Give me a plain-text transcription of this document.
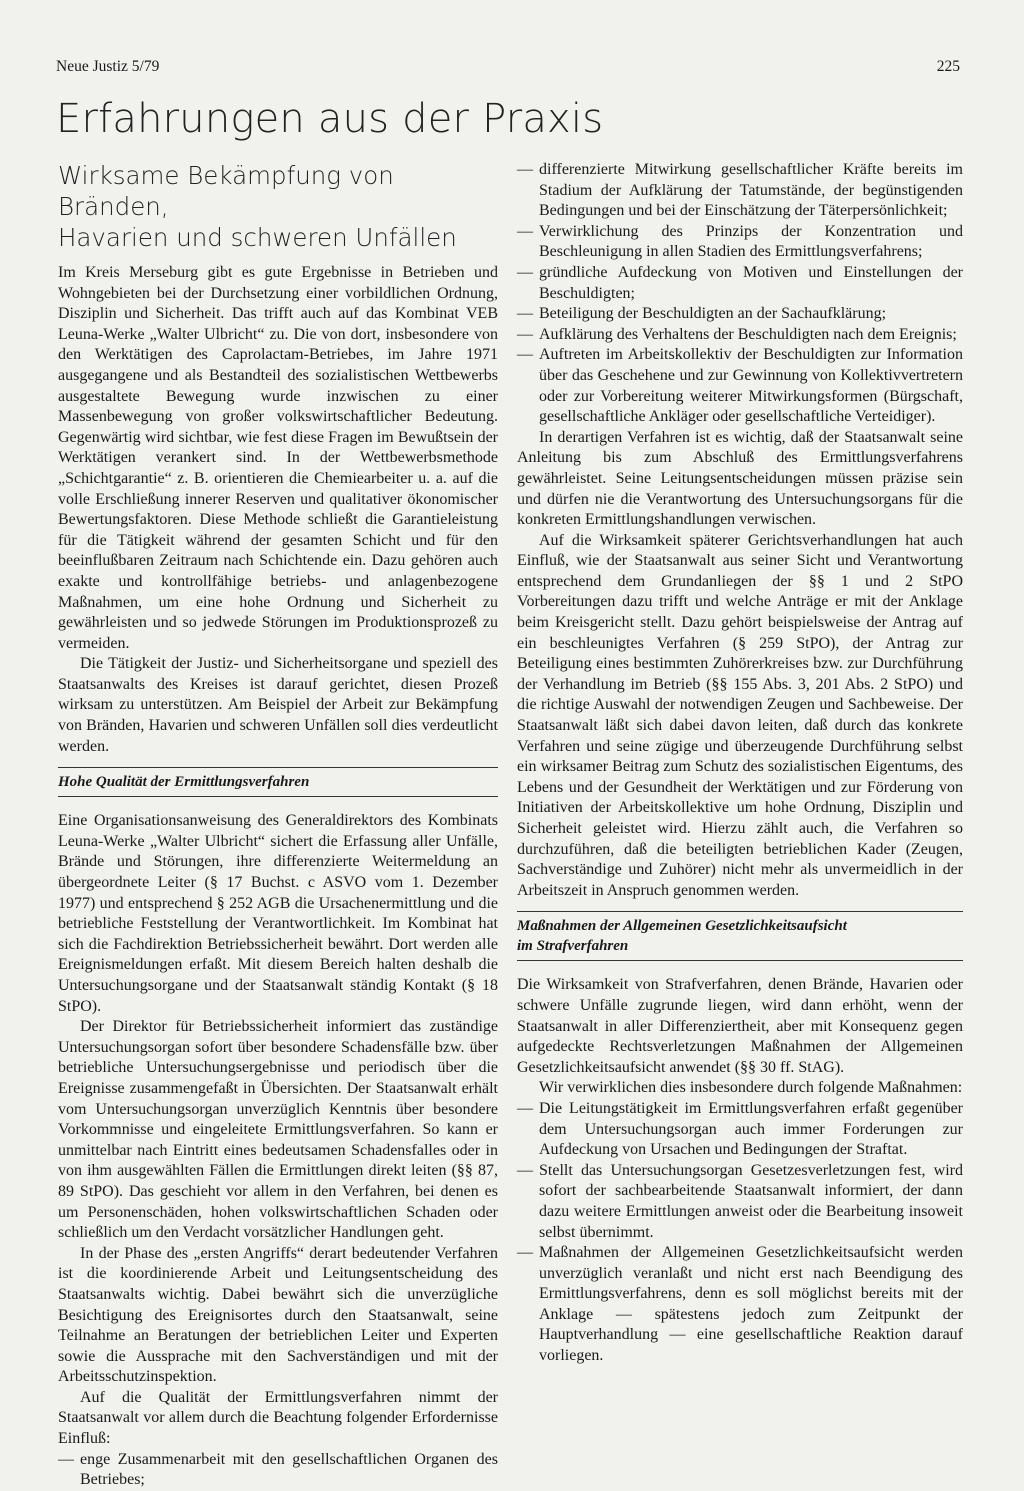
Neue Justiz 5/79	225
Erfahrungen aus der Praxis
Wirksame Bekämpfung von Bränden,
Havarien und schweren Unfällen

Im Kreis Merseburg gibt es gute Ergebnisse in Betrieben und Wohngebieten bei der Durchsetzung einer vorbildlichen Ordnung, Disziplin und Sicherheit. Das trifft auch auf das Kombinat VEB Leuna-Werke „Walter Ulbricht“ zu. Die von dort, insbesondere von den Werktätigen des Caprolactam-Betriebes, im Jahre 1971 ausgegangene und als Bestandteil des sozialistischen Wettbewerbs ausgestaltete Bewegung wurde inzwischen zu einer Massenbewegung von großer volkswirtschaftlicher Bedeutung. Gegenwärtig wird sichtbar, wie fest diese Fragen im Bewußtsein der Werktätigen verankert sind. In der Wettbewerbsmethode „Schichtgarantie“ z. B. orientieren die Chemiearbeiter u. a. auf die volle Erschließung innerer Reserven und qualitativer ökonomischer Bewertungsfaktoren. Diese Methode schließt die Garantieleistung für die Tätigkeit während der gesamten Schicht und für den beeinflußbaren Zeitraum nach Schichtende ein. Dazu gehören auch exakte und kontrollfähige betriebs- und anlagenbezogene Maßnahmen, um eine hohe Ordnung und Sicherheit zu gewährleisten und so jedwede Störungen im Produktionsprozeß zu vermeiden.

Die Tätigkeit der Justiz- und Sicherheitsorgane und speziell des Staatsanwalts des Kreises ist darauf gerichtet, diesen Prozeß wirksam zu unterstützen. Am Beispiel der Arbeit zur Bekämpfung von Bränden, Havarien und schweren Unfällen soll dies verdeutlicht werden.

Hohe Qualität der Ermittlungsverfahren

Eine Organisationsanweisung des Generaldirektors des Kombinats Leuna-Werke „Walter Ulbricht“ sichert die Erfassung aller Unfälle, Brände und Störungen, ihre differenzierte Weitermeldung an übergeordnete Leiter (§ 17 Buchst. c ASVO vom 1. Dezember 1977) und entsprechend § 252 AGB die Ursachenermittlung und die betriebliche Feststellung der Verantwortlichkeit. Im Kombinat hat sich die Fachdirektion Betriebssicherheit bewährt. Dort werden alle Ereignismeldungen erfaßt. Mit diesem Bereich halten deshalb die Untersuchungsorgane und der Staatsanwalt ständig Kontakt (§ 18 StPO).

Der Direktor für Betriebssicherheit informiert das zuständige Untersuchungsorgan sofort über besondere Schadensfälle bzw. über betriebliche Untersuchungsergebnisse und periodisch über die Ereignisse zusammengefaßt in Übersichten. Der Staatsanwalt erhält vom Untersuchungsorgan unverzüglich Kenntnis über besondere Vorkommnisse und eingeleitete Ermittlungsverfahren. So kann er unmittelbar nach Eintritt eines bedeutsamen Schadensfalles oder in von ihm ausgewählten Fällen die Ermittlungen direkt leiten (§§ 87, 89 StPO). Das geschieht vor allem in den Verfahren, bei denen es um Personenschäden, hohen volkswirtschaftlichen Schaden oder schließlich um den Verdacht vorsätzlicher Handlungen geht.

In der Phase des „ersten Angriffs“ derart bedeutender Verfahren ist die koordinierende Arbeit und Leitungsentscheidung des Staatsanwalts wichtig. Dabei bewährt sich die unverzügliche Besichtigung des Ereignisortes durch den Staatsanwalt, seine Teilnahme an Beratungen der betrieblichen Leiter und Experten sowie die Aussprache mit den Sachverständigen und mit der Arbeitsschutzinspektion.

Auf die Qualität der Ermittlungsverfahren nimmt der Staatsanwalt vor allem durch die Beachtung folgender Erfordernisse Einfluß:

— enge Zusammenarbeit mit den gesellschaftlichen Organen des Betriebes;
— differenzierte Mitwirkung gesellschaftlicher Kräfte bereits im Stadium der Aufklärung der Tatumstände, der begünstigenden Bedingungen und bei der Einschätzung der Täterpersönlichkeit;
— Verwirklichung des Prinzips der Konzentration und Beschleunigung in allen Stadien des Ermittlungsverfahrens;
— gründliche Aufdeckung von Motiven und Einstellungen der Beschuldigten;
— Beteiligung der Beschuldigten an der Sachaufklärung;
— Aufklärung des Verhaltens der Beschuldigten nach dem Ereignis;
— Auftreten im Arbeitskollektiv der Beschuldigten zur Information über das Geschehene und zur Gewinnung von Kollektivvertretern oder zur Vorbereitung weiterer Mitwirkungsformen (Bürgschaft, gesellschaftliche Ankläger oder gesellschaftliche Verteidiger).

In derartigen Verfahren ist es wichtig, daß der Staatsanwalt seine Anleitung bis zum Abschluß des Ermittlungsverfahrens gewährleistet. Seine Leitungsentscheidungen müssen präzise sein und dürfen nie die Verantwortung des Untersuchungsorgans für die konkreten Ermittlungshandlungen verwischen.

Auf die Wirksamkeit späterer Gerichtsverhandlungen hat auch Einfluß, wie der Staatsanwalt aus seiner Sicht und Verantwortung entsprechend dem Grundanliegen der §§ 1 und 2 StPO Vorbereitungen dazu trifft und welche Anträge er mit der Anklage beim Kreisgericht stellt. Dazu gehört beispielsweise der Antrag auf ein beschleunigtes Verfahren (§ 259 StPO), der Antrag zur Beteiligung eines bestimmten Zuhörerkreises bzw. zur Durchführung der Verhandlung im Betrieb (§§ 155 Abs. 3, 201 Abs. 2 StPO) und die richtige Auswahl der notwendigen Zeugen und Sachbeweise. Der Staatsanwalt läßt sich dabei davon leiten, daß durch das konkrete Verfahren und seine zügige und überzeugende Durchführung selbst ein wirksamer Beitrag zum Schutz des sozialistischen Eigentums, des Lebens und der Gesundheit der Werktätigen und zur Förderung von Initiativen der Arbeitskollektive um hohe Ordnung, Disziplin und Sicherheit geleistet wird. Hierzu zählt auch, die Verfahren so durchzuführen, daß die beteiligten betrieblichen Kader (Zeugen, Sachverständige und Zuhörer) nicht mehr als unvermeidlich in der Arbeitszeit in Anspruch genommen werden.

Maßnahmen der Allgemeinen Gesetzlichkeitsaufsicht
im Strafverfahren

Die Wirksamkeit von Strafverfahren, denen Brände, Havarien oder schwere Unfälle zugrunde liegen, wird dann erhöht, wenn der Staatsanwalt in aller Differenziertheit, aber mit Konsequenz gegen aufgedeckte Rechtsverletzungen Maßnahmen der Allgemeinen Gesetzlichkeitsaufsicht anwendet (§§ 30 ff. StAG).

Wir verwirklichen dies insbesondere durch folgende Maßnahmen:

— Die Leitungstätigkeit im Ermittlungsverfahren erfaßt gegenüber dem Untersuchungsorgan auch immer Forderungen zur Aufdeckung von Ursachen und Bedingungen der Straftat.
— Stellt das Untersuchungsorgan Gesetzesverletzungen fest, wird sofort der sachbearbeitende Staatsanwalt informiert, der dann dazu weitere Ermittlungen anweist oder die Bearbeitung insoweit selbst übernimmt.
— Maßnahmen der Allgemeinen Gesetzlichkeitsaufsicht werden unverzüglich veranlaßt und nicht erst nach Beendigung des Ermittlungsverfahrens, denn es soll möglichst bereits mit der Anklage — spätestens jedoch zum Zeitpunkt der Hauptverhandlung — eine gesellschaftliche Reaktion darauf vorliegen.
